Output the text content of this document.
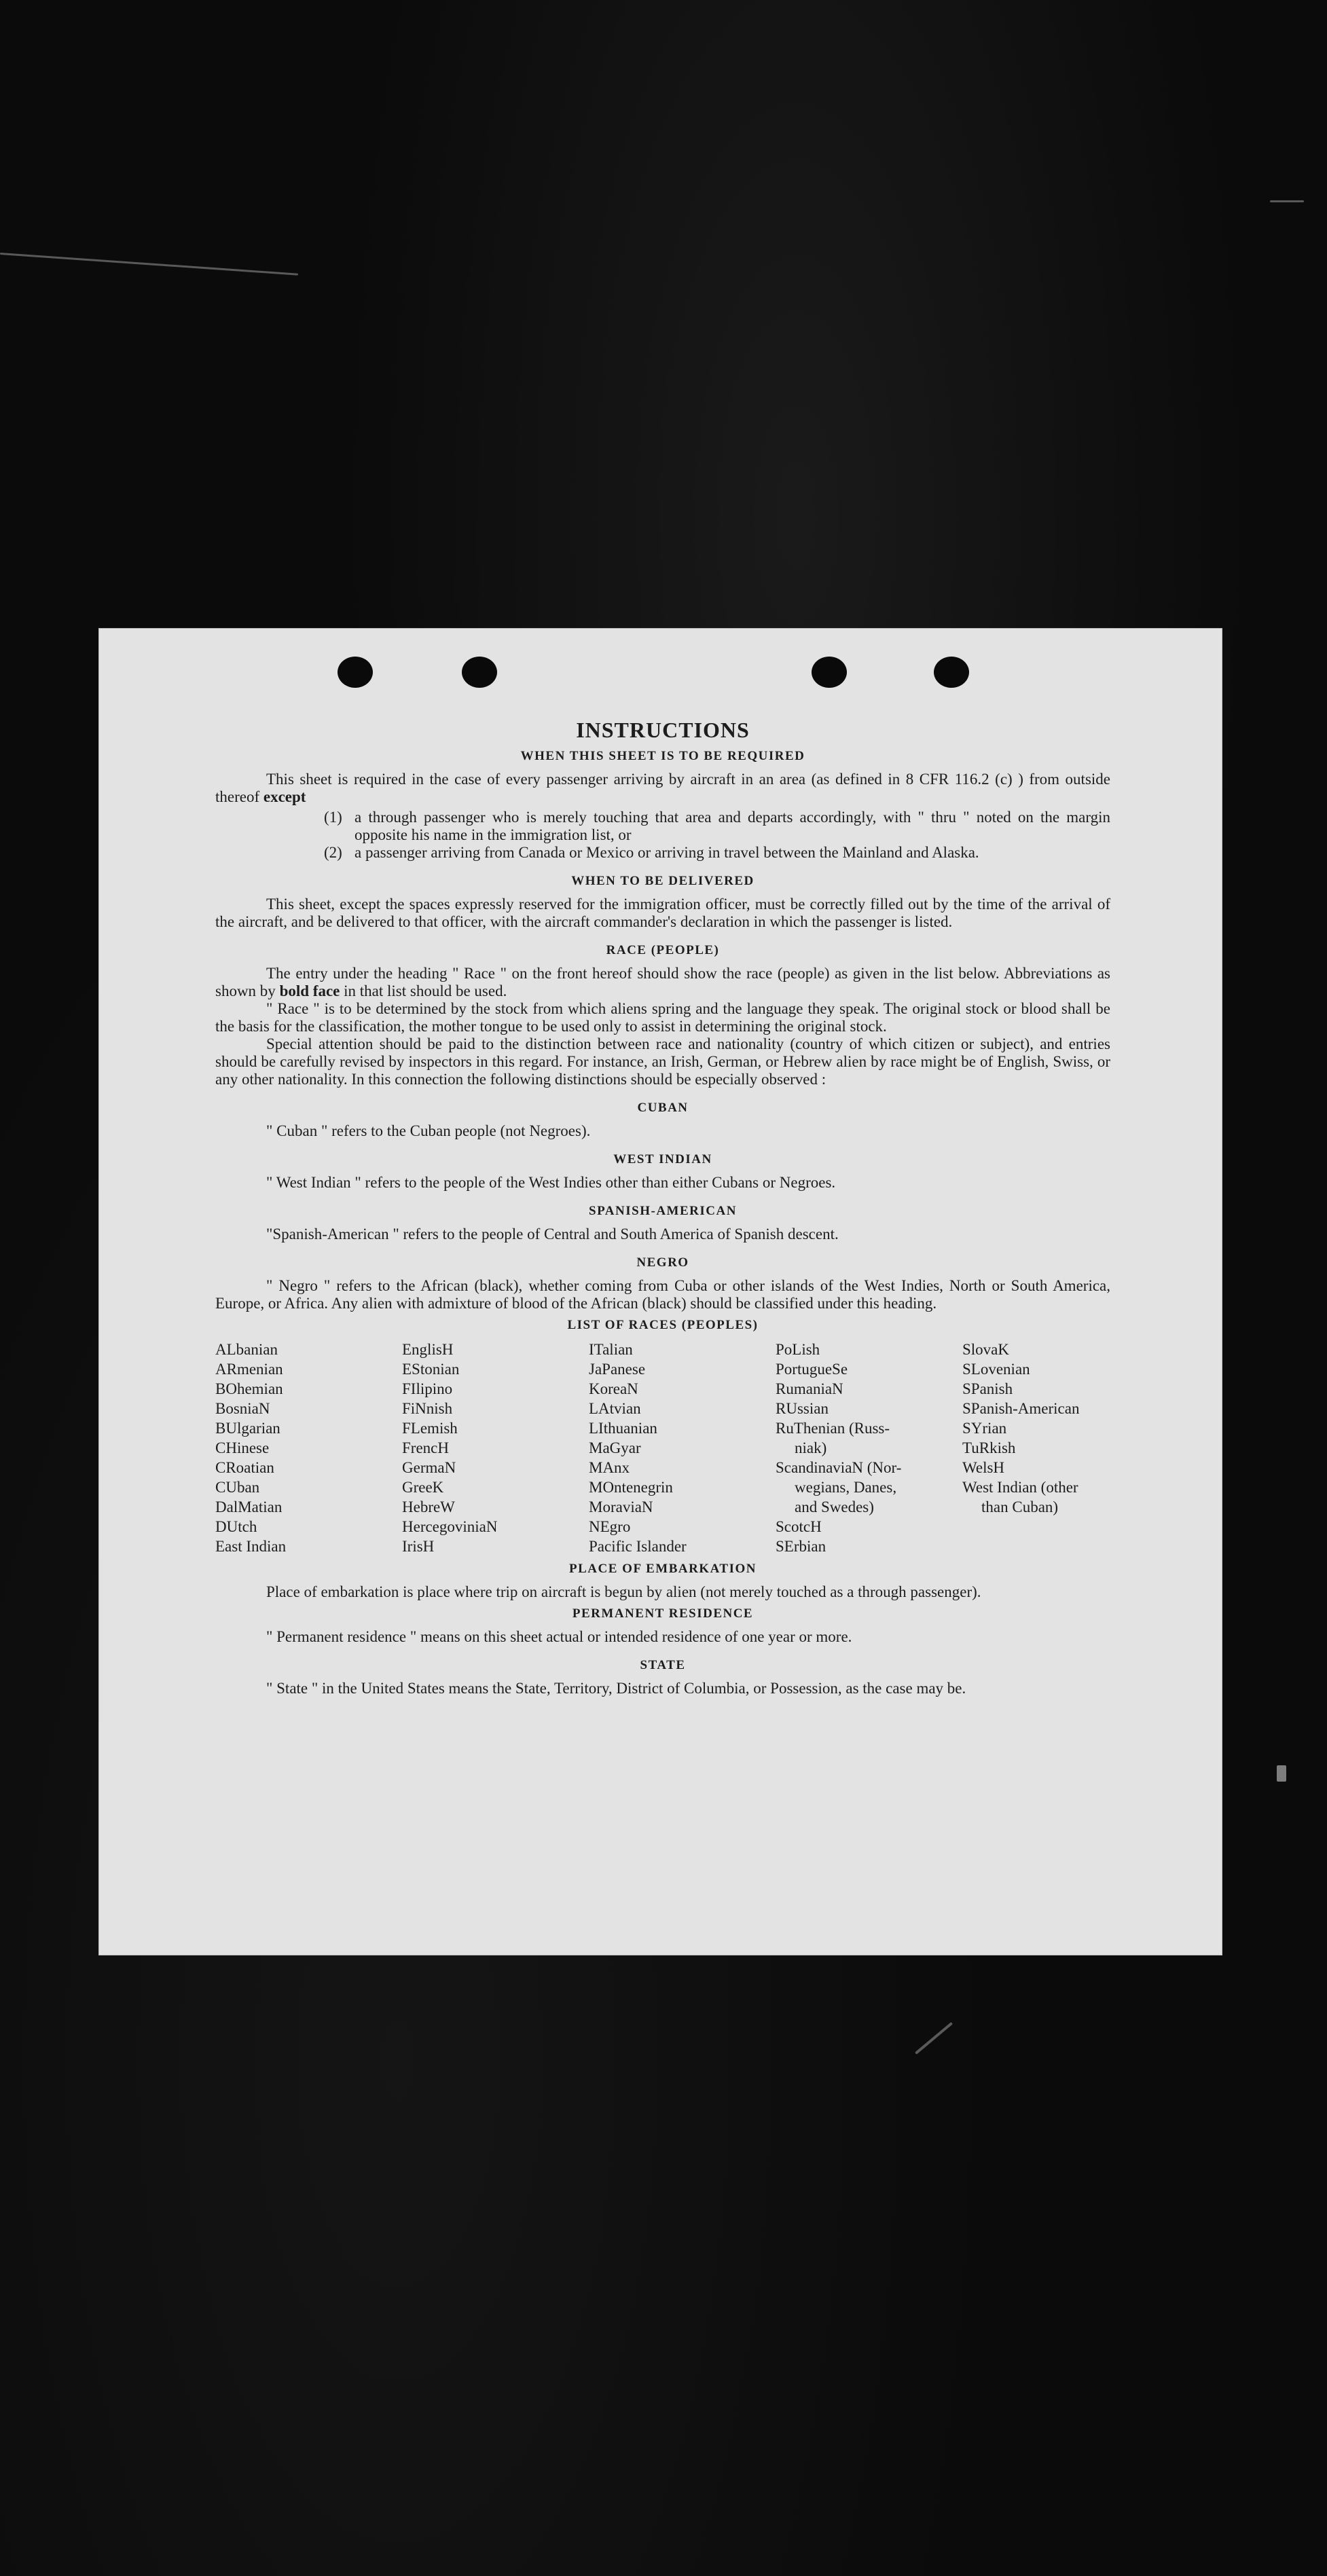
INSTRUCTIONS
WHEN THIS SHEET IS TO BE REQUIRED

This sheet is required in the case of every passenger arriving by aircraft in an area (as defined in 8 CFR 116.2 (c) ) from outside thereof except

(1) a through passenger who is merely touching that area and departs accordingly, with " thru " noted on the margin opposite his name in the immigration list, or
(2) a passenger arriving from Canada or Mexico or arriving in travel between the Mainland and Alaska.
WHEN TO BE DELIVERED

This sheet, except the spaces expressly reserved for the immigration officer, must be correctly filled out by the time of the arrival of the aircraft, and be delivered to that officer, with the aircraft commander's declaration in which the passenger is listed.

RACE (PEOPLE)

The entry under the heading " Race " on the front hereof should show the race (people) as given in the list below. Abbreviations as shown by bold face in that list should be used.

" Race " is to be determined by the stock from which aliens spring and the language they speak. The original stock or blood shall be the basis for the classification, the mother tongue to be used only to assist in determining the original stock.

Special attention should be paid to the distinction between race and nationality (country of which citizen or subject), and entries should be carefully revised by inspectors in this regard. For instance, an Irish, German, or Hebrew alien by race might be of English, Swiss, or any other nationality. In this connection the following distinctions should be especially observed :

CUBAN

" Cuban " refers to the Cuban people (not Negroes).

WEST INDIAN

" West Indian " refers to the people of the West Indies other than either Cubans or Negroes.

SPANISH-AMERICAN

"Spanish-American " refers to the people of Central and South America of Spanish descent.

NEGRO

" Negro " refers to the African (black), whether coming from Cuba or other islands of the West Indies, North or South America, Europe, or Africa. Any alien with admixture of blood of the African (black) should be classified under this heading.

LIST OF RACES (PEOPLES)
ALbanian
ARmenian
BOhemian
BosniaN
BUlgarian
CHinese
CRoatian
CUban
DalMatian
DUtch
East Indian
EnglisH
EStonian
FIlipino
FiNnish
FLemish
FrencH
GermaN
GreeK
HebreW
HercegoviniaN
IrisH
ITalian
JaPanese
KoreaN
LAtvian
LIthuanian
MaGyar
MAnx
MOntenegrin
MoraviaN
NEgro
Pacific Islander
PoLish
PortugueSe
RumaniaN
RUssian
RuThenian (Russ-
niak)
ScandinaviaN (Nor-
wegians, Danes,
and Swedes)
ScotcH
SErbian
SlovaK
SLovenian
SPanish
SPanish-American
SYrian
TuRkish
WelsH
West Indian (other
than Cuban)
PLACE OF EMBARKATION

Place of embarkation is place where trip on aircraft is begun by alien (not merely touched as a through passenger).

PERMANENT RESIDENCE

" Permanent residence " means on this sheet actual or intended residence of one year or more.

STATE

" State " in the United States means the State, Territory, District of Columbia, or Possession, as the case may be.
